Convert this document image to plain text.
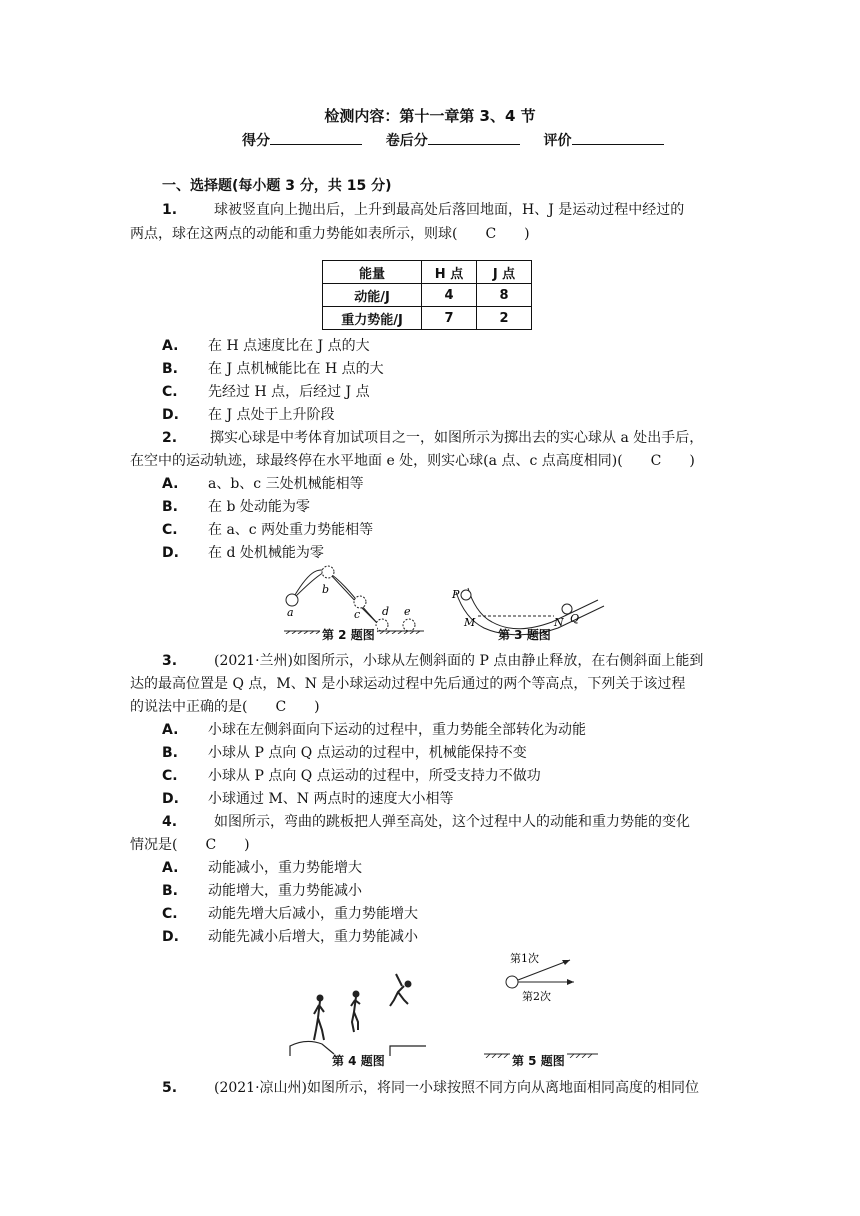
检测内容：第十一章第 3、4 节
得分	卷后分	评价
一、选择题(每小题 3 分，共 15 分)
1.	球被竖直向上抛出后，上升到最高处后落回地面，H、J 是运动过程中经过的
两点，球在这两点的动能和重力势能如表所示，则球(　　C　　)
能量	H 点	J 点
动能/J	4	8
重力势能/J	7	2
A. 在 H 点速度比在 J 点的大
B. 在 J 点机械能比在 H 点的大
C. 先经过 H 点，后经过 J 点
D. 在 J 点处于上升阶段
2. 掷实心球是中考体育加试项目之一，如图所示为掷出去的实心球从 a 处出手后，
在空中的运动轨迹，球最终停在水平地面 e 处，则实心球(a 点、c 点高度相同)(　　C　　)
A. a、b、c 三处机械能相等
B. 在 b 处动能为零
C. 在 a、c 两处重力势能相等
D. 在 d 处机械能为零
a
b
c d e
第 2 题图
P
M	N Q
第 3 题图
3.	(2021·兰州)如图所示，小球从左侧斜面的 P 点由静止释放，在右侧斜面上能到
达的最高位置是 Q 点，M、N 是小球运动过程中先后通过的两个等高点，下列关于该过程
的说法中正确的是(　　C　　)
A. 小球在左侧斜面向下运动的过程中，重力势能全部转化为动能
B. 小球从 P 点向 Q 点运动的过程中，机械能保持不变
C. 小球从 P 点向 Q 点运动的过程中，所受支持力不做功
D. 小球通过 M、N 两点时的速度大小相等
4.	如图所示，弯曲的跳板把人弹至高处，这个过程中人的动能和重力势能的变化
情况是(　　C　　)
A. 动能减小，重力势能增大
B. 动能增大，重力势能减小
C. 动能先增大后减小，重力势能增大
D. 动能先减小后增大，重力势能减小
第 4 题图
第1次
第2次
第 5 题图
5.	(2021·凉山州)如图所示，将同一小球按照不同方向从离地面相同高度的相同位
